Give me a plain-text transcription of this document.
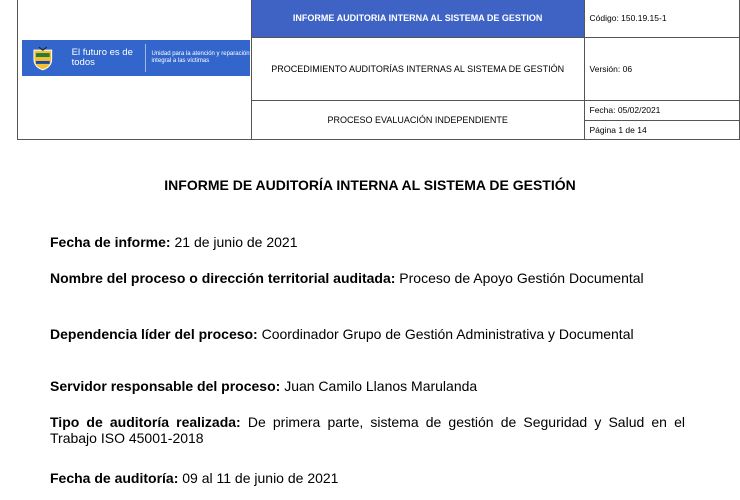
El futuro es de todos
Unidad para la atención y reparación integral a las víctimas	INFORME AUDITORIA INTERNA AL SISTEMA DE GESTION	Código: 150.19.15-1
	PROCEDIMIENTO AUDITORÍAS INTERNAS AL SISTEMA DE GESTIÓN	Versión: 06
	PROCESO EVALUACIÓN INDEPENDIENTE	Fecha: 05/02/2021
		Página 1 de 14
INFORME DE AUDITORÍA INTERNA AL SISTEMA DE GESTIÓN
Fecha de informe: 21 de junio de 2021
Nombre del proceso o dirección territorial auditada: Proceso de Apoyo Gestión Documental
Dependencia líder del proceso: Coordinador Grupo de Gestión Administrativa y Documental
Servidor responsable del proceso: Juan Camilo Llanos Marulanda
Tipo de auditoría realizada: De primera parte, sistema de gestión de Seguridad y Salud en el Trabajo ISO 45001-2018
Fecha de auditoría: 09 al 11 de junio de 2021
